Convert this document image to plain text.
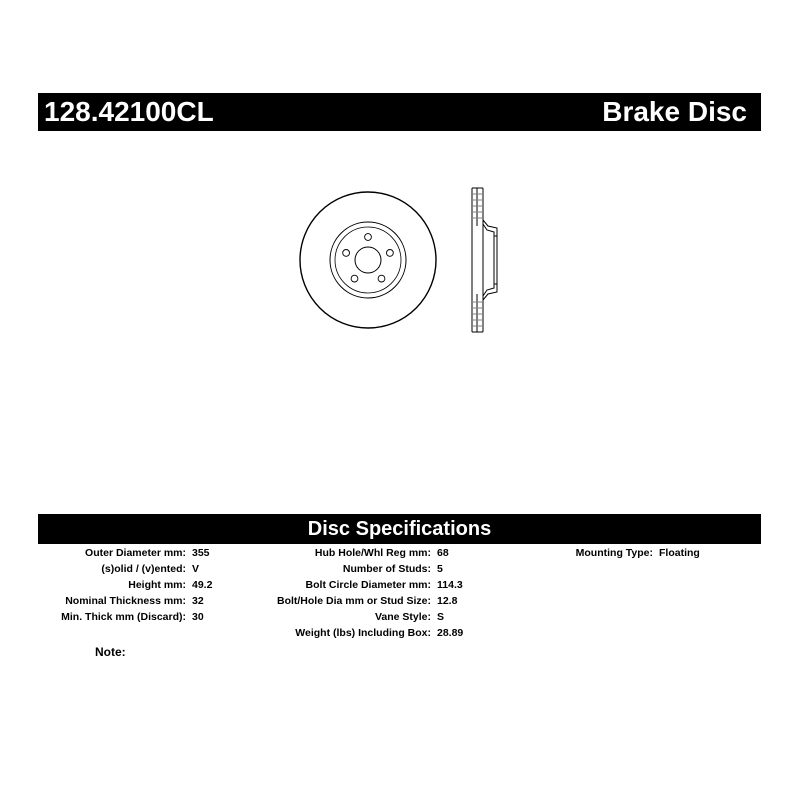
128.42100CL	Brake Disc
Disc Specifications
Outer Diameter mm: 355
(s)olid / (v)ented: V
Height mm: 49.2
Nominal Thickness mm: 32
Min. Thick mm (Discard): 30
Hub Hole/Whl Reg mm: 68
Number of Studs: 5
Bolt Circle Diameter mm: 114.3
Bolt/Hole Dia mm or Stud Size: 12.8
Vane Style: S
Weight (lbs) Including Box: 28.89
Mounting Type: Floating
Note:
